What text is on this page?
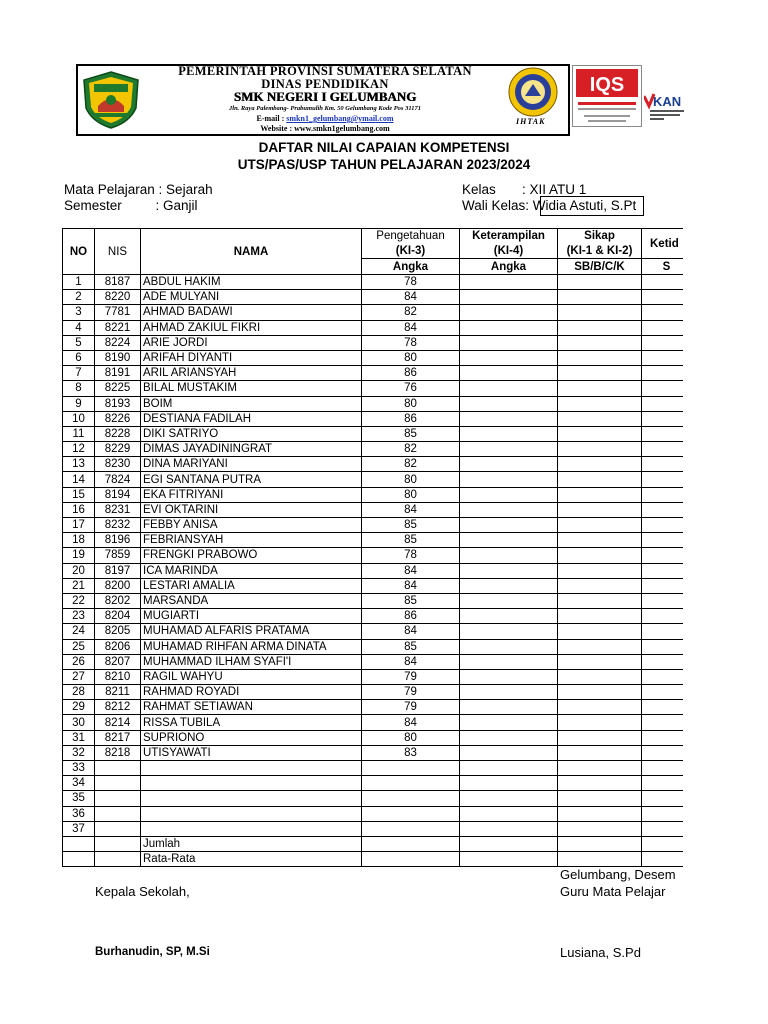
PEMERINTAH PROVINSI SUMATERA SELATAN
DINAS PENDIDIKAN
SMK NEGERI I GELUMBANG
Jln. Raya Palembang- Prabumulih Km. 50 Gelumbang Kode Pos 31171
E-mail : smkn1_gelumbang@ymail.com
Website : www.smkn1gelumbang.com
IHTAK
IQS
KAN
DAFTAR NILAI CAPAIAN KOMPETENSI
UTS/PAS/USP TAHUN PELAJARAN 2023/2024
Mata Pelajaran : Sejarah
Semester         : Ganjil
Kelas       : XII ATU 1
Wali Kelas: Widia Astuti, S.Pt
NO	NIS	NAMA	Pengetahuan	Keterampilan	Sikap	Ketid
			(KI-3)	(KI-4)	(KI-1 & KI-2)	
			Angka	Angka	SB/B/C/K	S
1	8187	ABDUL HAKIM	78			
2	8220	ADE MULYANI	84			
3	7781	AHMAD BADAWI	82			
4	8221	AHMAD ZAKIUL FIKRI	84			
5	8224	ARIE JORDI	78			
6	8190	ARIFAH DIYANTI	80			
7	8191	ARIL ARIANSYAH	86			
8	8225	BILAL MUSTAKIM	76			
9	8193	BOIM	80			
10	8226	DESTIANA FADILAH	86			
11	8228	DIKI SATRIYO	85			
12	8229	DIMAS JAYADININGRAT	82			
13	8230	DINA MARIYANI	82			
14	7824	EGI SANTANA PUTRA	80			
15	8194	EKA FITRIYANI	80			
16	8231	EVI OKTARINI	84			
17	8232	FEBBY ANISA	85			
18	8196	FEBRIANSYAH	85			
19	7859	FRENGKI PRABOWO	78			
20	8197	ICA MARINDA	84			
21	8200	LESTARI AMALIA	84			
22	8202	MARSANDA	85			
23	8204	MUGIARTI	86			
24	8205	MUHAMAD ALFARIS PRATAMA	84			
25	8206	MUHAMAD RIHFAN ARMA DINATA	85			
26	8207	MUHAMMAD ILHAM SYAFI'I	84			
27	8210	RAGIL WAHYU	79			
28	8211	RAHMAD ROYADI	79			
29	8212	RAHMAT SETIAWAN	79			
30	8214	RISSA TUBILA	84			
31	8217	SUPRIONO	80			
32	8218	UTISYAWATI	83			
33						
34						
35						
36						
37						
		Jumlah				
		Rata-Rata				
Gelumbang, Desem
Kepala Sekolah,	Guru Mata Pelajar
Burhanudin, SP, M.Si	Lusiana, S.Pd
